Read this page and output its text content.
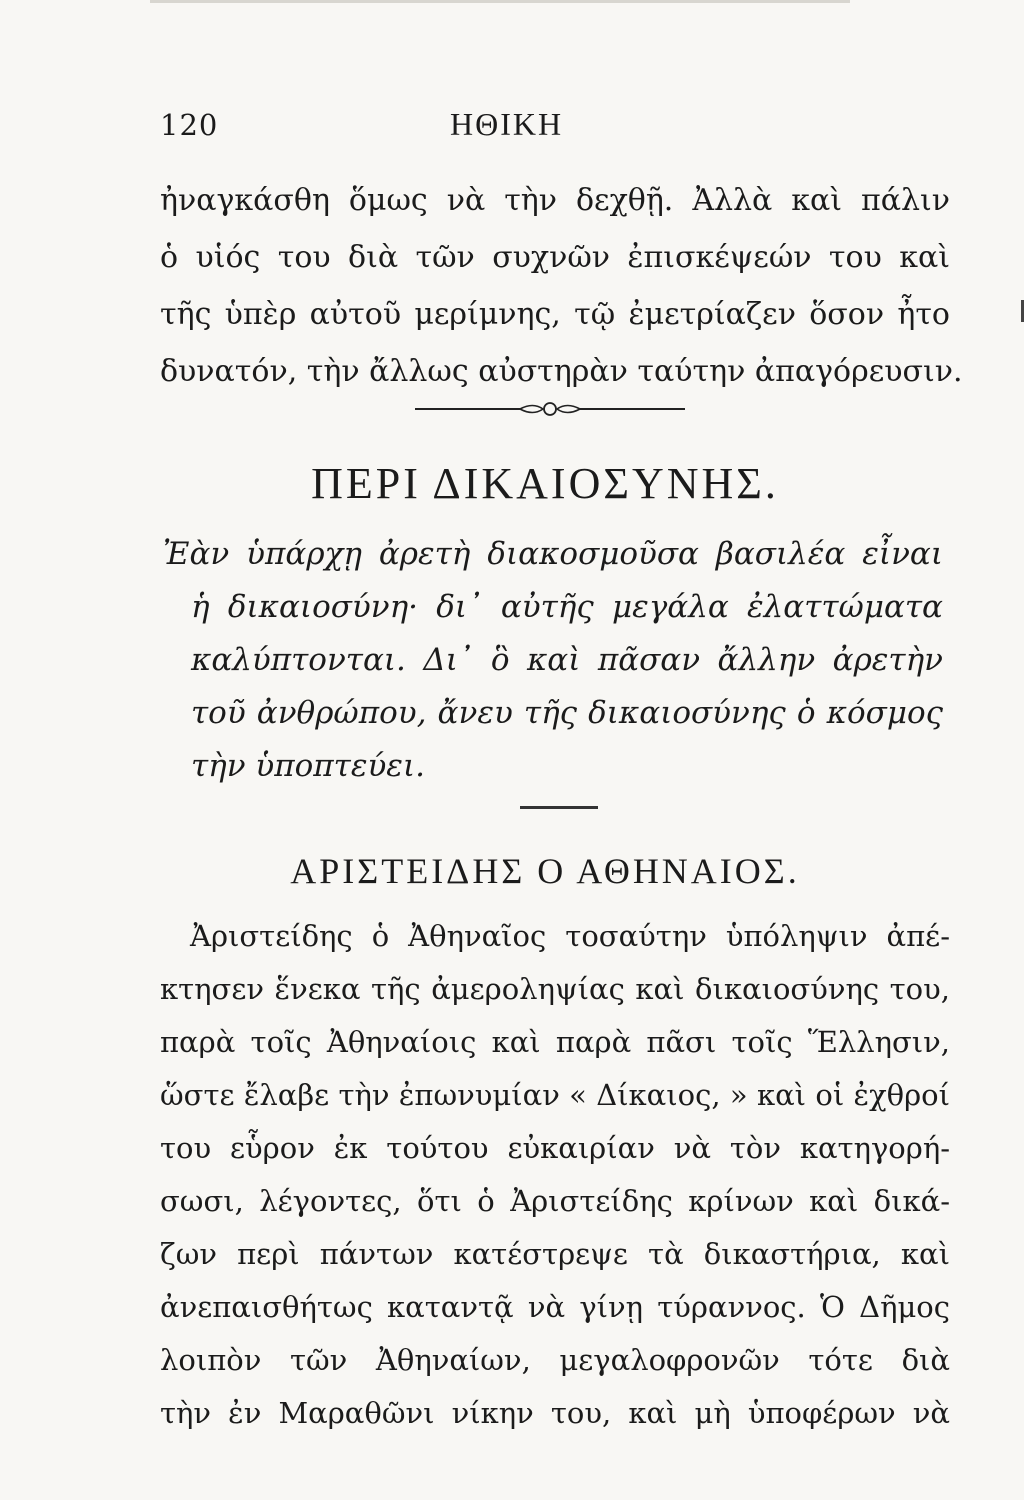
120	ΗΘΙΚΗ
ἠναγκάσθη ὅμως νὰ τὴν δεχθῇ. Ἀλλὰ καὶ πάλιν
ὁ υἱός του διὰ τῶν συχνῶν ἐπισκέψεών του καὶ
τῆς ὑπὲρ αὐτοῦ μερίμνης, τῷ ἐμετρίαζεν ὅσον ἦτο
δυνατόν, τὴν ἄλλως αὐστηρὰν ταύτην ἀπαγόρευσιν.
ΠΕΡΙ ΔΙΚΑΙΟΣΥΝΗΣ.
Ἐὰν ὑπάρχῃ ἀρετὴ διακοσμοῦσα βασιλέα εἶναι
ἡ δικαιοσύνη· δι᾽ αὐτῆς μεγάλα ἐλαττώματα
καλύπτονται. Δι᾽ ὃ καὶ πᾶσαν ἄλλην ἀρετὴν
τοῦ ἀνθρώπου, ἄνευ τῆς δικαιοσύνης ὁ κόσμος
τὴν ὑποπτεύει.
ΑΡΙΣΤΕΙΔΗΣ Ο ΑΘΗΝΑΙΟΣ.
Ἀριστείδης ὁ Ἀθηναῖος τοσαύτην ὑπόληψιν ἀπέ-
κτησεν ἕνεκα τῆς ἀμεροληψίας καὶ δικαιοσύνης του,
παρὰ τοῖς Ἀθηναίοις καὶ παρὰ πᾶσι τοῖς Ἕλλησιν,
ὥστε ἔλαβε τὴν ἐπωνυμίαν « Δίκαιος, » καὶ οἱ ἐχθροί
του εὗρον ἐκ τούτου εὐκαιρίαν νὰ τὸν κατηγορή-
σωσι, λέγοντες, ὅτι ὁ Ἀριστείδης κρίνων καὶ δικά-
ζων περὶ πάντων κατέστρεψε τὰ δικαστήρια, καὶ
ἀνεπαισθήτως καταντᾷ νὰ γίνῃ τύραννος. Ὁ Δῆμος
λοιπὸν τῶν Ἀθηναίων, μεγαλοφρονῶν τότε διὰ
τὴν ἐν Μαραθῶνι νίκην του, καὶ μὴ ὑποφέρων νὰ
